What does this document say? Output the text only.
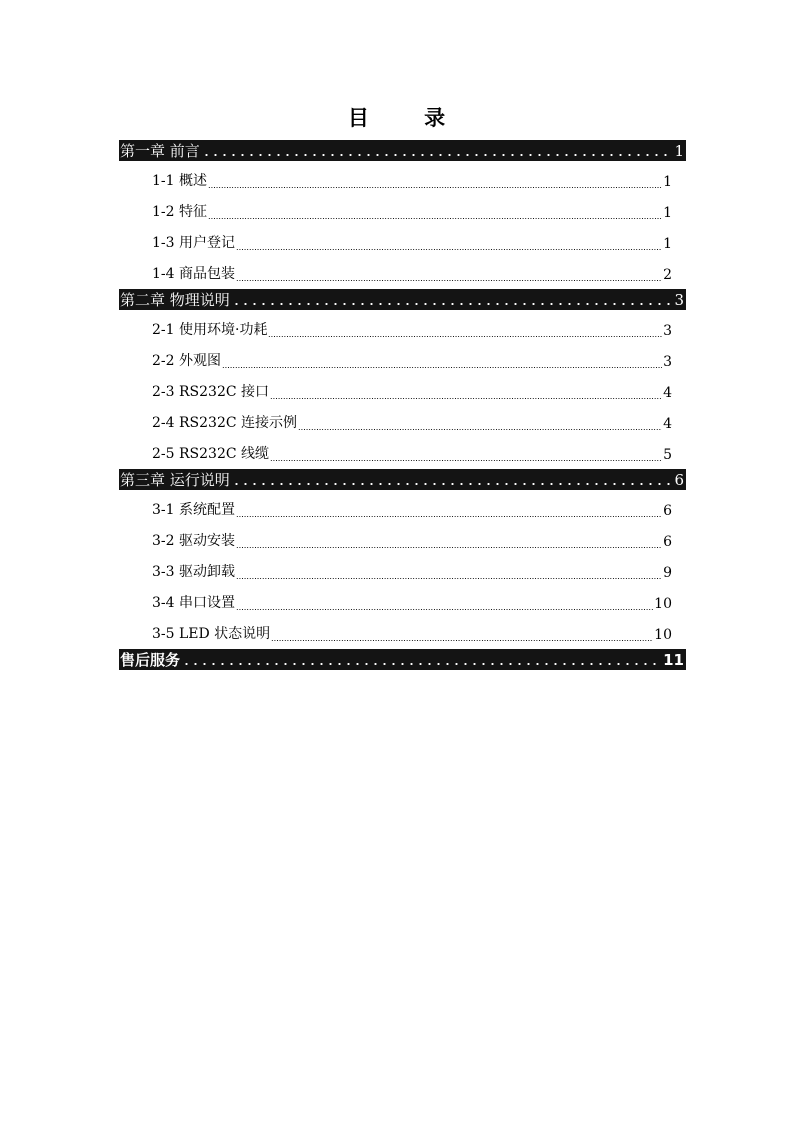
目 录
第一章 前言	1
1-1 概述	1
1-2 特征	1
1-3 用户登记	1
1-4 商品包装	2
第二章 物理说明	3
2-1 使用环境·功耗	3
2-2 外观图	3
2-3 RS232C 接口	4
2-4 RS232C 连接示例	4
2-5 RS232C 线缆	5
第三章 运行说明	6
3-1 系统配置	6
3-2 驱动安装	6
3-3 驱动卸载	9
3-4 串口设置	10
3-5 LED 状态说明	10
售后服务	11
